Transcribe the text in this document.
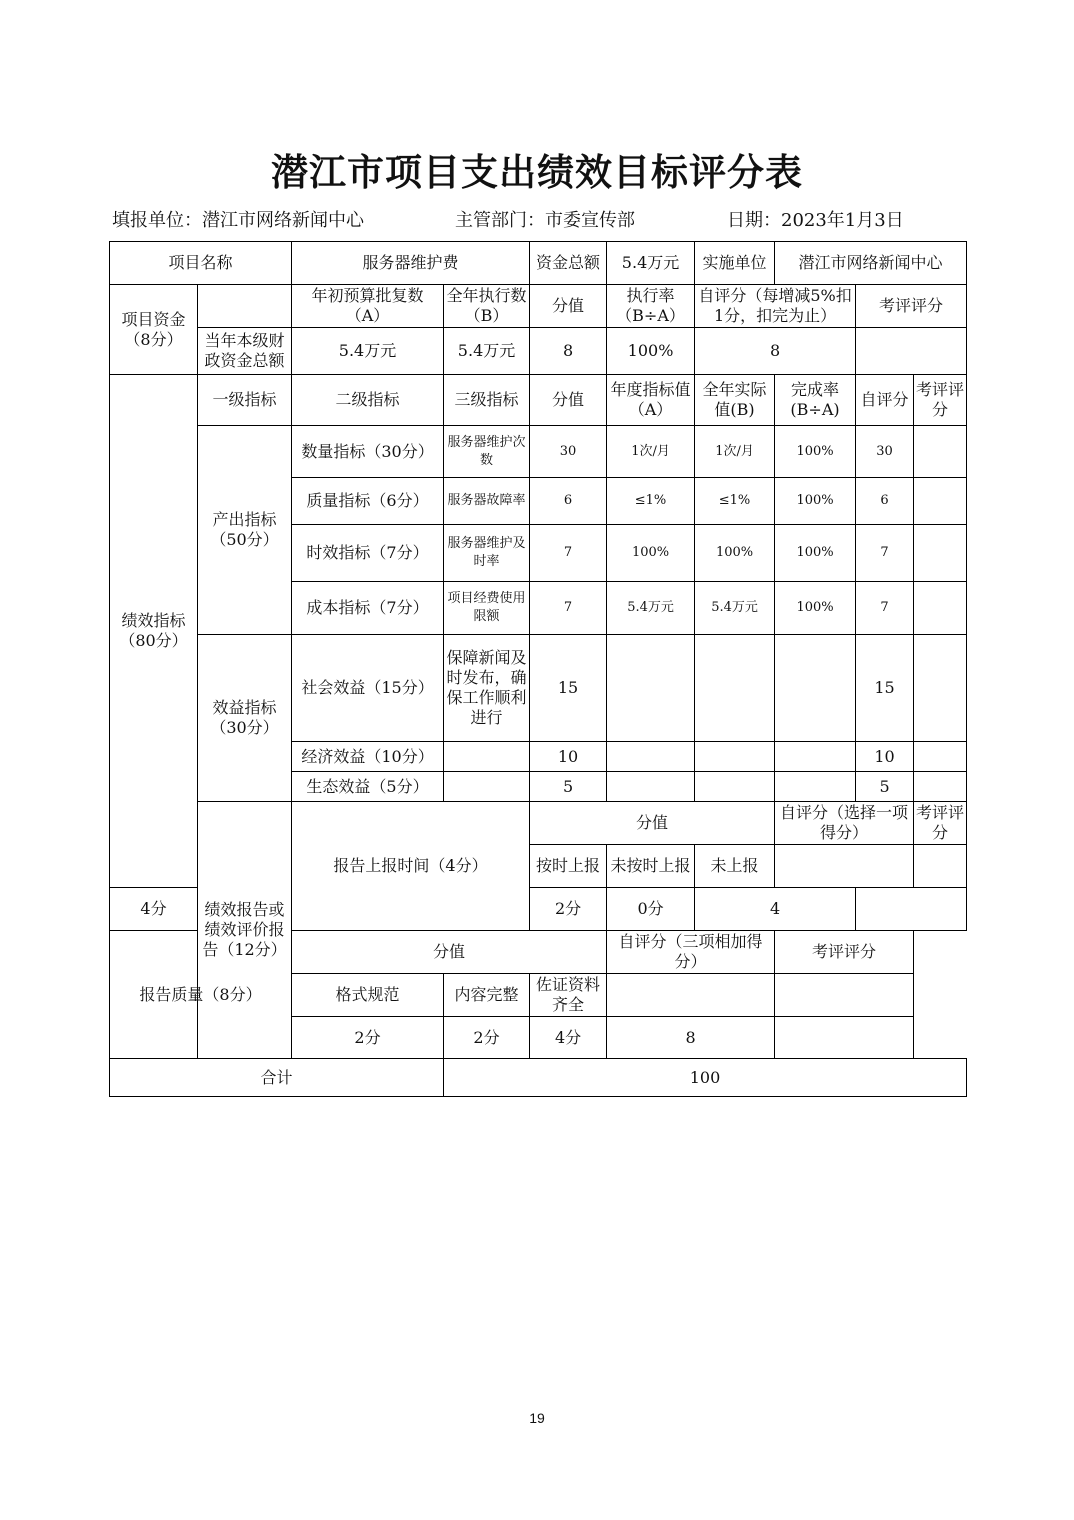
潜江市项目支出绩效目标评分表
填报单位：潜江市网络新闻中心	主管部门：市委宣传部	日期：2023年1月3日
项目名称		服务器维护费		资金总额	5.4万元	实施单位	潜江市网络新闻中心			
项目资金（8分）		年初预算批复数（A）	全年执行数（B）	分值	执行率（B÷A）	自评分（每增减5%扣1分，扣完为止）		考评评分		
	当年本级财政资金总额	5.4万元	5.4万元	8	100%	8				
绩效指标（80分）	一级指标	二级指标	三级指标	分值	年度指标值（A）	全年实际值(B)	完成率(B÷A)	自评分	考评评分	
	产出指标（50分）	数量指标（30分）	服务器维护次数	30	1次/月	1次/月	100%	30		
		质量指标（6分）	服务器故障率	6	≤1%	≤1%	100%	6		
		时效指标（7分）	服务器维护及时率	7	100%	100%	100%	7		
		成本指标（7分）	项目经费使用限额	7	5.4万元	5.4万元	100%	7		
	效益指标（30分）	社会效益（15分）	保障新闻及时发布，确保工作顺利进行	15				15		
		经济效益（10分）		10				10		
		生态效益（5分）		5				5		
	绩效报告或绩效评价报告（12分）	报告上报时间（4分）		分值			自评分（选择一项得分）		考评评分	
				按时上报	未按时上报	未上报				
4分				2分	0分	4				
报告质量（8分）		分值			自评分（三项相加得分）		考评评分			
		格式规范	内容完整	佐证资料齐全						
		2分	2分	4分	8					
合计			100							
19
